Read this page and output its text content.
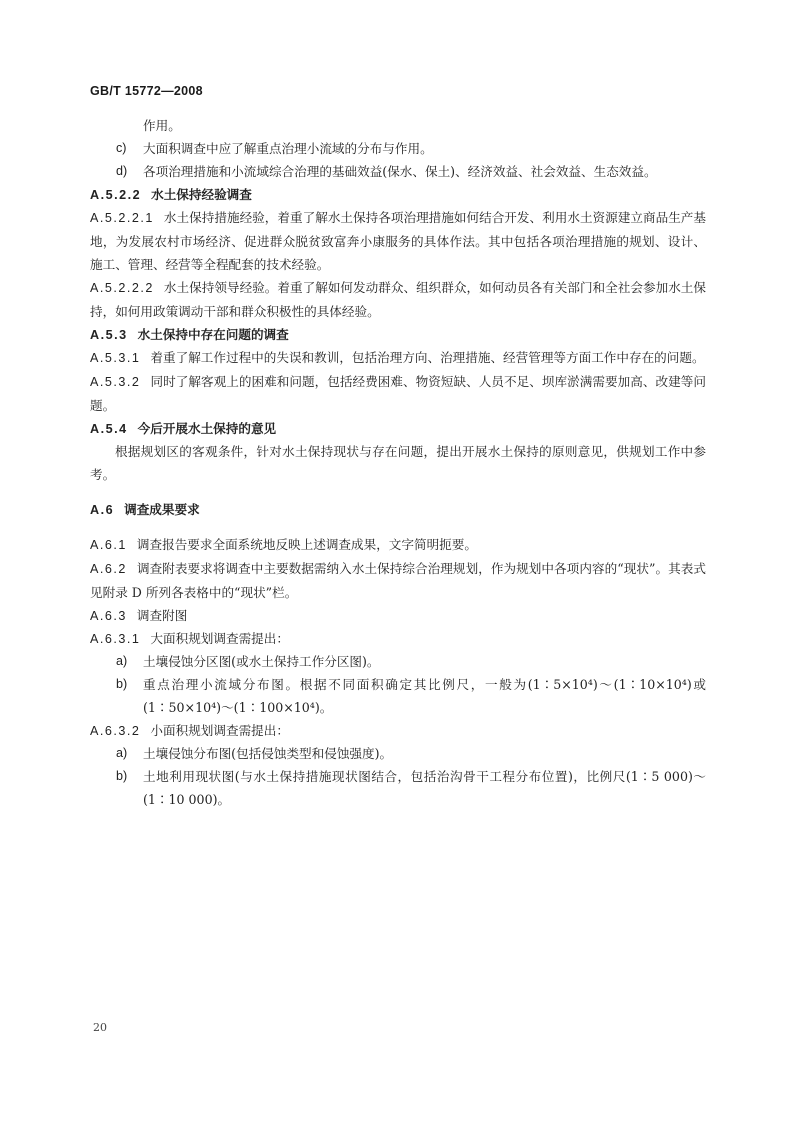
GB/T 15772—2008
作用。
c) 大面积调查中应了解重点治理小流域的分布与作用。
d) 各项治理措施和小流域综合治理的基础效益(保水、保土)、经济效益、社会效益、生态效益。
A.5.2.2 水土保持经验调查
A.5.2.2.1 水土保持措施经验，着重了解水土保持各项治理措施如何结合开发、利用水土资源建立商品生产基地，为发展农村市场经济、促进群众脱贫致富奔小康服务的具体作法。其中包括各项治理措施的规划、设计、施工、管理、经营等全程配套的技术经验。
A.5.2.2.2 水土保持领导经验。着重了解如何发动群众、组织群众，如何动员各有关部门和全社会参加水土保持，如何用政策调动干部和群众积极性的具体经验。
A.5.3 水土保持中存在问题的调查
A.5.3.1 着重了解工作过程中的失误和教训，包括治理方向、治理措施、经营管理等方面工作中存在的问题。
A.5.3.2 同时了解客观上的困难和问题，包括经费困难、物资短缺、人员不足、坝库淤满需要加高、改建等问题。
A.5.4 今后开展水土保持的意见
根据规划区的客观条件，针对水土保持现状与存在问题，提出开展水土保持的原则意见，供规划工作中参考。
A.6 调查成果要求
A.6.1 调查报告要求全面系统地反映上述调查成果，文字简明扼要。
A.6.2 调查附表要求将调查中主要数据需纳入水土保持综合治理规划，作为规划中各项内容的“现状”。其表式见附录 D 所列各表格中的“现状”栏。
A.6.3 调查附图
A.6.3.1 大面积规划调查需提出：
a) 土壤侵蚀分区图(或水土保持工作分区图)。
b) 重点治理小流域分布图。根据不同面积确定其比例尺，一般为(1∶5×10⁴)～(1∶10×10⁴)或(1∶50×10⁴)～(1∶100×10⁴)。
A.6.3.2 小面积规划调查需提出：
a) 土壤侵蚀分布图(包括侵蚀类型和侵蚀强度)。
b) 土地利用现状图(与水土保持措施现状图结合，包括治沟骨干工程分布位置)，比例尺(1∶5 000)～(1∶10 000)。
20
